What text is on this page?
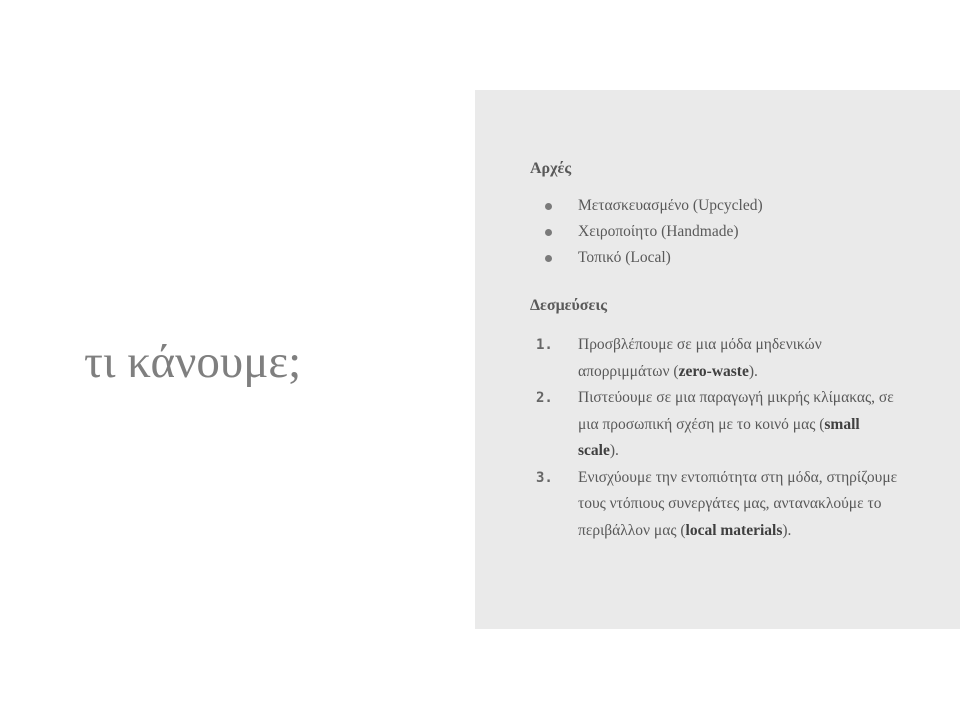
τι κάνουμε;
Αρχές
Μετασκευασμένο (Upcycled)
Χειροποίητο (Handmade)
Τοπικό (Local)
Δεσμεύσεις
1. Προσβλέπουμε σε μια μόδα μηδενικών απορριμμάτων (zero-waste).
2. Πιστεύουμε σε μια παραγωγή μικρής κλίμακας, σε μια προσωπική σχέση με το κοινό μας (small scale).
3. Ενισχύουμε την εντοπιότητα στη μόδα, στηρίζουμε τους ντόπιους συνεργάτες μας, αντανακλούμε το περιβάλλον μας (local materials).
